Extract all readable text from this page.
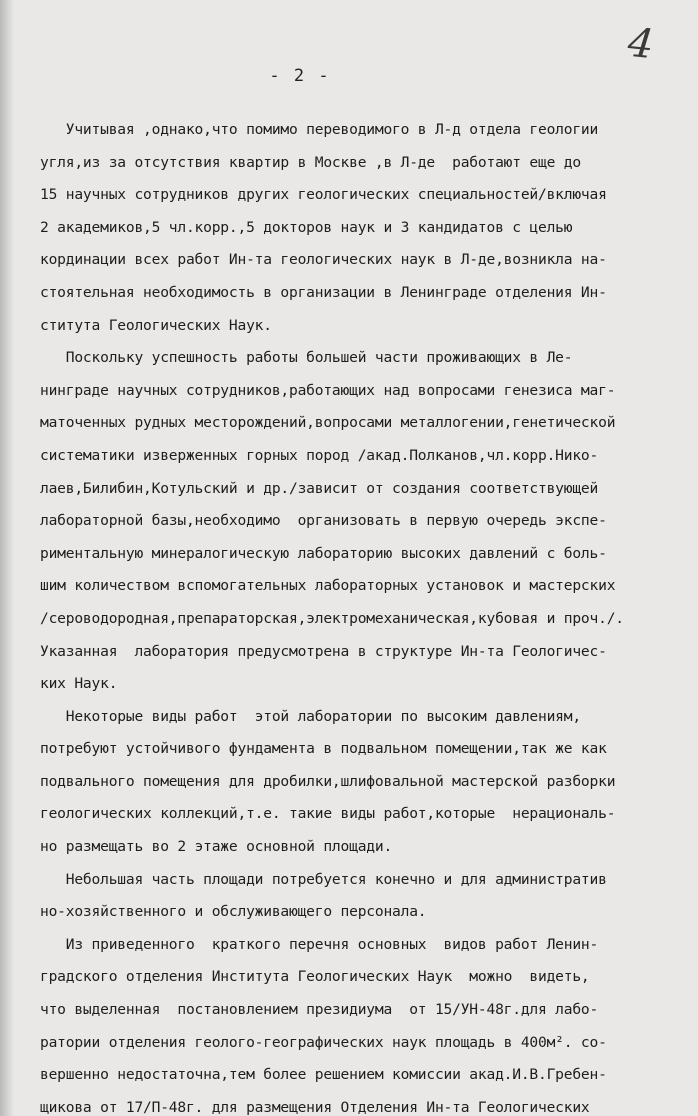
4
- 2 -
Учитывая ,однако,что помимо переводимого в Л-д отдела геологии
угля,из за отсутствия квартир в Москве ,в Л-де  работают еще до
15 научных сотрудников других геологических специальностей/включая
2 академиков,5 чл.корр.,5 докторов наук и 3 кандидатов с целью
кординации всех работ Ин-та геологических наук в Л-де,возникла на-
стоятельная необходимость в организации в Ленинграде отделения Ин-
ститута Геологических Наук.
Поскольку успешность работы большей части проживающих в Ле-
нинграде научных сотрудников,работающих над вопросами генезиса маг-
маточенных рудных месторождений,вопросами металлогении,генетической
систематики изверженных горных пород /акад.Полканов,чл.корр.Нико-
лаев,Билибин,Котульский и др./зависит от создания соответствующей
лабораторной базы,необходимо  организовать в первую очередь экспе-
риментальную минералогическую лабораторию высоких давлений с боль-
шим количеством вспомогательных лабораторных установок и мастерских
/сероводородная,препараторская,электромеханическая,кубовая и проч./.
Указанная  лаборатория предусмотрена в структуре Ин-та Геологичес-
ких Наук.
Некоторые виды работ  этой лаборатории по высоким давлениям,
потребуют устойчивого фундамента в подвальном помещении,так же как
подвального помещения для дробилки,шлифовальной мастерской разборки
геологических коллекций,т.е. такие виды работ,которые  нерациональ-
но размещать во 2 этаже основной площади.
Небольшая часть площади потребуется конечно и для административ
но-хозяйственного и обслуживающего персонала.
Из приведенного  краткого перечня основных  видов работ Ленин-
градского отделения Института Геологических Наук  можно  видеть,
что выделенная  постановлением президиума  от 15/УН-48г.для лабо-
ратории отделения геолого-географических наук площадь в 400м². со-
вершенно недостаточна,тем более решением комиссии акад.И.В.Гребен-
щикова от 17/П-48г. для размещения Отделения Ин-та Геологических
